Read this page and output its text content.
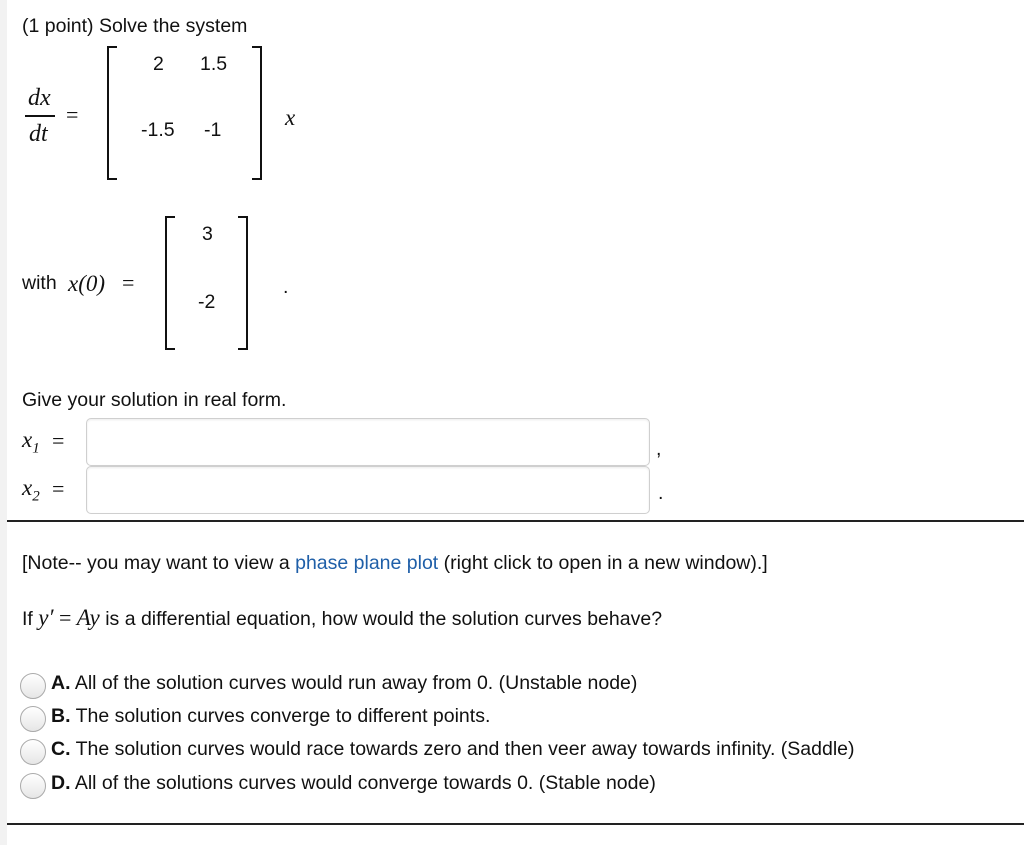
(1 point) Solve the system
dx
dt
=
2 1.5
-1.5 -1	x
with x(0) =
3
-2
.
Give your solution in real form.
$x_1$ =	,
$x_2$ =	.
[Note-- you may want to view a phase plane plot (right click to open in a new window).]
If y′ = Ay is a differential equation, how would the solution curves behave?
A. All of the solution curves would run away from 0. (Unstable node)
B. The solution curves converge to different points.
C. The solution curves would race towards zero and then veer away towards infinity. (Saddle)
D. All of the solutions curves would converge towards 0. (Stable node)
